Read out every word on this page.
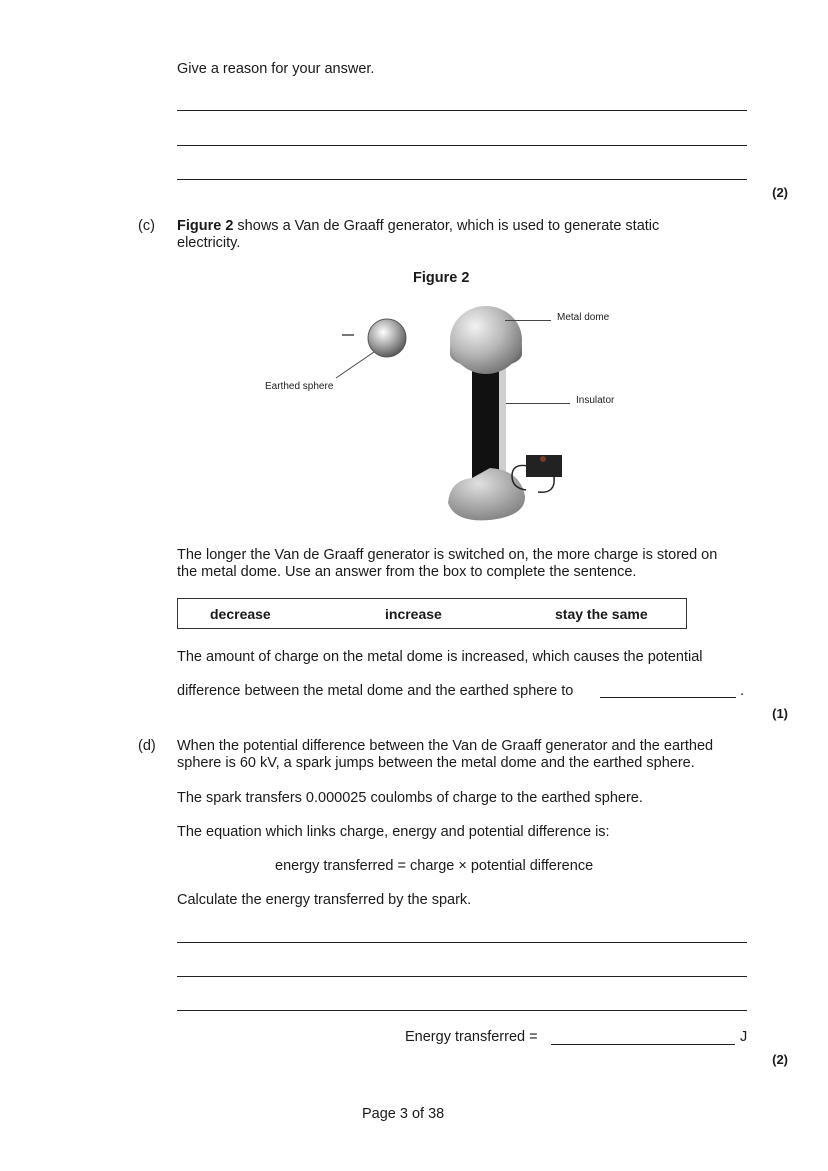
Give a reason for your answer.
(2)
(c) Figure 2 shows a Van de Graaff generator, which is used to generate static
electricity.
Figure 2
Metal dome
Insulator
Earthed sphere
The longer the Van de Graaff generator is switched on, the more charge is stored on
the metal dome. Use an answer from the box to complete the sentence.
decrease	increase	stay the same
The amount of charge on the metal dome is increased, which causes the potential
difference between the metal dome and the earthed sphere to	.
(1)
(d) When the potential difference between the Van de Graaff generator and the earthed
sphere is 60 kV, a spark jumps between the metal dome and the earthed sphere.
The spark transfers 0.000025 coulombs of charge to the earthed sphere.
The equation which links charge, energy and potential difference is:
energy transferred = charge × potential difference
Calculate the energy transferred by the spark.
Energy transferred =	J
(2)
Page 3 of 38
